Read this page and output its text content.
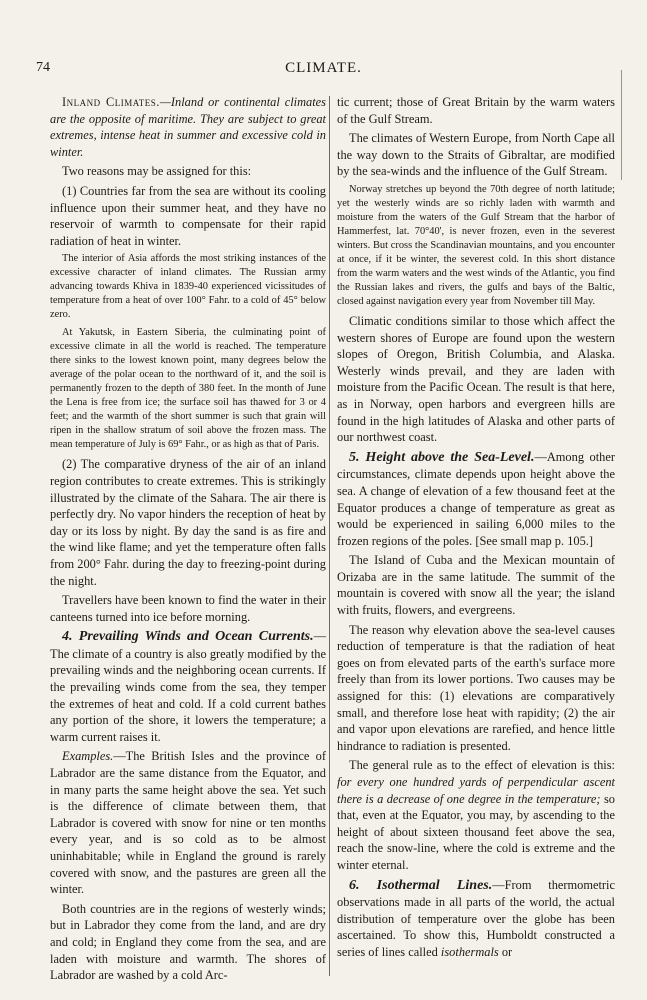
74	CLIMATE.

Inland Climates.—Inland or continental climates are the opposite of maritime. They are subject to great extremes, intense heat in summer and excessive cold in winter.

Two reasons may be assigned for this:

(1) Countries far from the sea are without its cooling influence upon their summer heat, and they have no reservoir of warmth to compensate for their rapid radiation of heat in winter.

The interior of Asia affords the most striking instances of the excessive character of inland climates. The Russian army advancing towards Khiva in 1839-40 experienced vicissitudes of temperature from a heat of over 100° Fahr. to a cold of 45° below zero.

At Yakutsk, in Eastern Siberia, the culminating point of excessive climate in all the world is reached. The temperature there sinks to the lowest known point, many degrees below the average of the polar ocean to the northward of it, and the soil is permanently frozen to the depth of 380 feet. In the month of June the Lena is free from ice; the surface soil has thawed for 3 or 4 feet; and the warmth of the short summer is such that grain will ripen in the shallow stratum of soil above the frozen mass. The mean temperature of July is 69° Fahr., or as high as that of Paris.

(2) The comparative dryness of the air of an inland region contributes to create extremes. This is strikingly illustrated by the climate of the Sahara. The air there is perfectly dry. No vapor hinders the reception of heat by day or its loss by night. By day the sand is as fire and the wind like flame; and yet the temperature often falls from 200° Fahr. during the day to freezing-point during the night.

Travellers have been known to find the water in their canteens turned into ice before morning.

4. Prevailing Winds and Ocean Currents.—The climate of a country is also greatly modified by the prevailing winds and the neighboring ocean currents. If the prevailing winds come from the sea, they temper the extremes of heat and cold. If a cold current bathes any portion of the shore, it lowers the temperature; a warm current raises it.

Examples.—The British Isles and the province of Labrador are the same distance from the Equator, and in many parts the same height above the sea. Yet such is the difference of climate between them, that Labrador is covered with snow for nine or ten months every year, and is so cold as to be almost uninhabitable; while in England the ground is rarely covered with snow, and the pastures are green all the winter.

Both countries are in the regions of westerly winds; but in Labrador they come from the land, and are dry and cold; in England they come from the sea, and are laden with moisture and warmth. The shores of Labrador are washed by a cold Arc-

tic current; those of Great Britain by the warm waters of the Gulf Stream.

The climates of Western Europe, from North Cape all the way down to the Straits of Gibraltar, are modified by the sea-winds and the influence of the Gulf Stream.

Norway stretches up beyond the 70th degree of north latitude; yet the westerly winds are so richly laden with warmth and moisture from the waters of the Gulf Stream that the harbor of Hammerfest, lat. 70°40', is never frozen, even in the severest winters. But cross the Scandinavian mountains, and you encounter at once, if it be winter, the severest cold. In this short distance from the warm waters and the west winds of the Atlantic, you find the Russian lakes and rivers, the gulfs and bays of the Baltic, closed against navigation every year from November till May.

Climatic conditions similar to those which affect the western shores of Europe are found upon the western slopes of Oregon, British Columbia, and Alaska. Westerly winds prevail, and they are laden with moisture from the Pacific Ocean. The result is that here, as in Norway, open harbors and evergreen hills are found in the high latitudes of Alaska and other parts of our northwest coast.

5. Height above the Sea-Level.—Among other circumstances, climate depends upon height above the sea. A change of elevation of a few thousand feet at the Equator produces a change of temperature as great as would be experienced in sailing 6,000 miles to the frozen regions of the poles. [See small map p. 105.]

The Island of Cuba and the Mexican mountain of Orizaba are in the same latitude. The summit of the mountain is covered with snow all the year; the island with fruits, flowers, and evergreens.

The reason why elevation above the sea-level causes reduction of temperature is that the radiation of heat goes on from elevated parts of the earth's surface more freely than from its lower portions. Two causes may be assigned for this: (1) elevations are comparatively small, and therefore lose heat with rapidity; (2) the air and vapor upon elevations are rarefied, and hence little hindrance to radiation is presented.

The general rule as to the effect of elevation is this: for every one hundred yards of perpendicular ascent there is a decrease of one degree in the temperature; so that, even at the Equator, you may, by ascending to the height of about sixteen thousand feet above the sea, reach the snow-line, where the cold is extreme and the winter eternal.

6. Isothermal Lines.—From thermometric observations made in all parts of the world, the actual distribution of temperature over the globe has been ascertained. To show this, Humboldt constructed a series of lines called isothermals or
